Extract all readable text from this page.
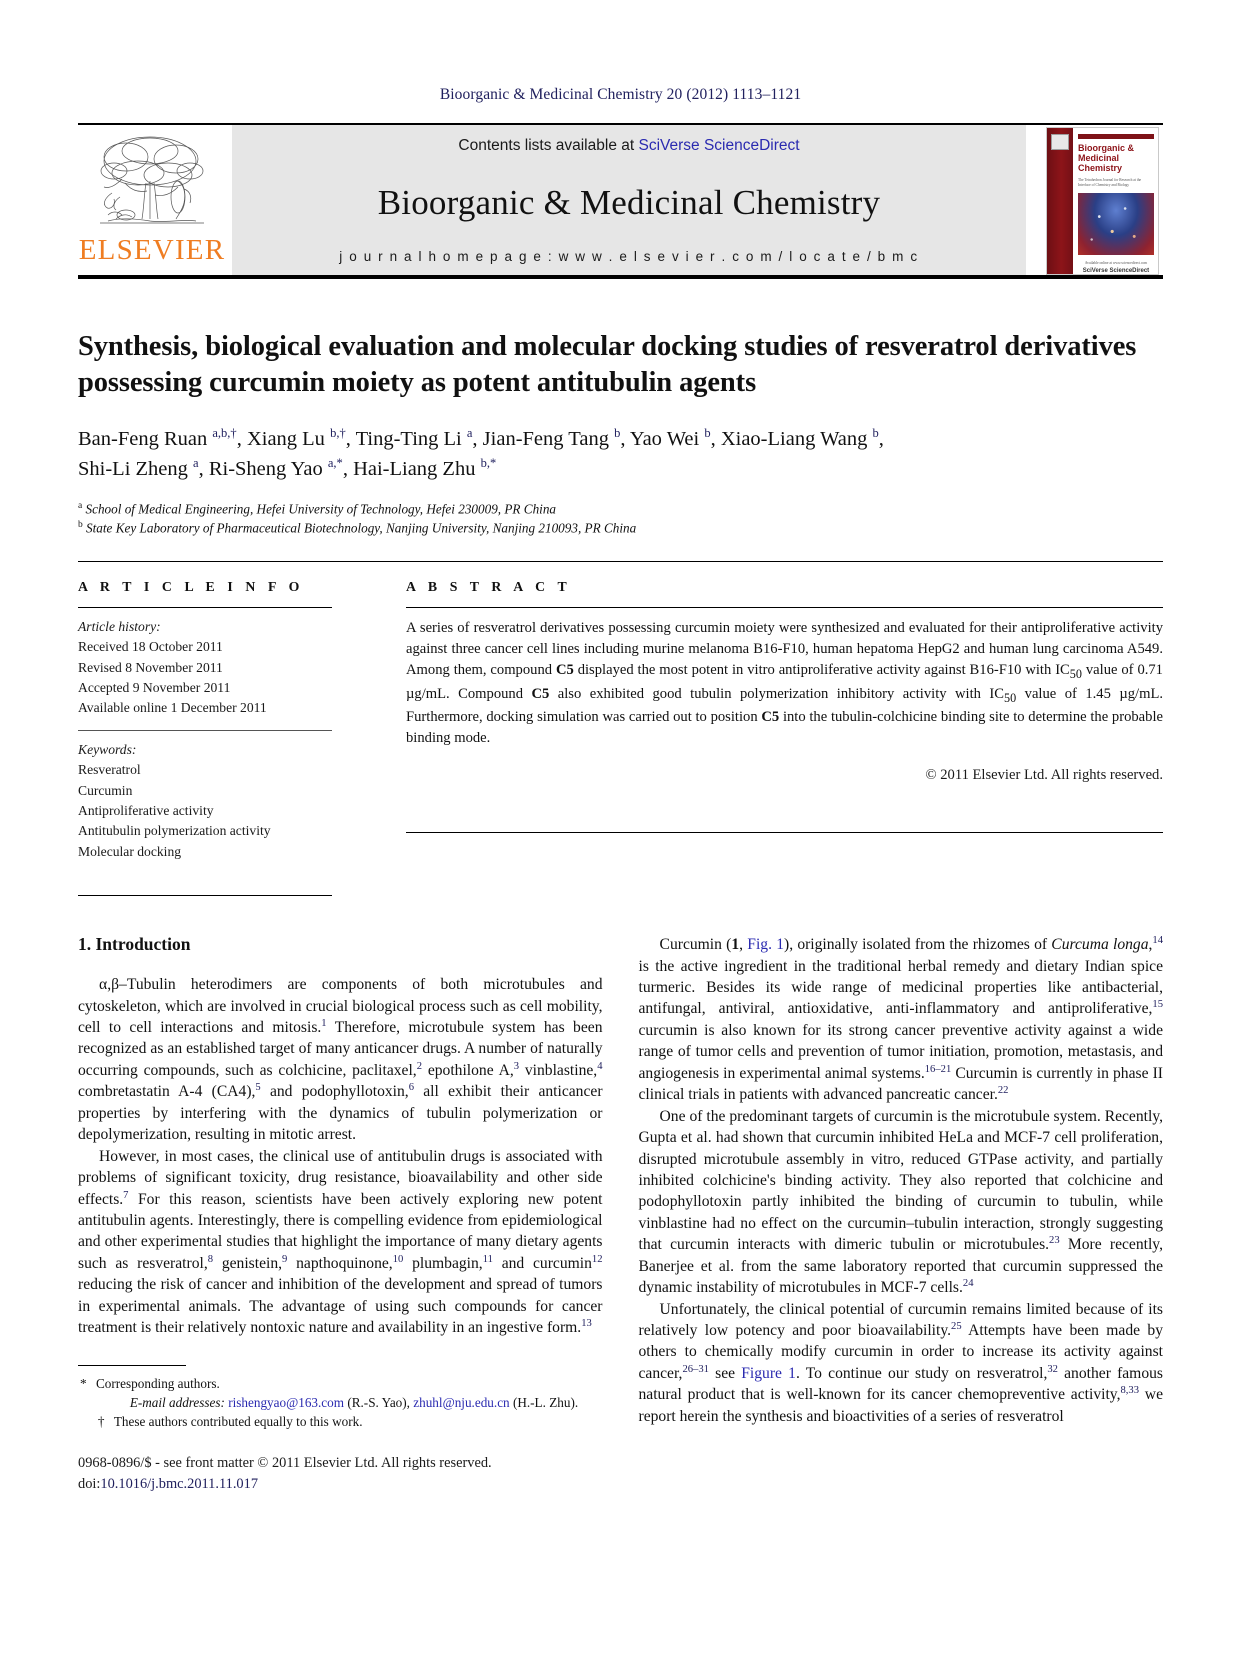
Bioorganic & Medicinal Chemistry 20 (2012) 1113–1121
ELSEVIER
Contents lists available at SciVerse ScienceDirect
Bioorganic & Medicinal Chemistry
j o u r n a l h o m e p a g e : w w w . e l s e v i e r . c o m / l o c a t e / b m c
Bioorganic & Medicinal Chemistry
The Tetrahedron Journal for Research at the Interface of Chemistry and Biology
Available online at www.sciencedirect.com
SciVerse ScienceDirect
Synthesis, biological evaluation and molecular docking studies of resveratrol derivatives possessing curcumin moiety as potent antitubulin agents
Ban-Feng Ruan $^{a,b,\dagger}$, Xiang Lu $^{b,\dagger}$, Ting-Ting Li $^a$, Jian-Feng Tang $^b$, Yao Wei $^b$, Xiao-Liang Wang $^b$,
Shi-Li Zheng $^a$, Ri-Sheng Yao $^{a,*}$, Hai-Liang Zhu $^{b,*}$
$^a$ School of Medical Engineering, Hefei University of Technology, Hefei 230009, PR China
$^b$ State Key Laboratory of Pharmaceutical Biotechnology, Nanjing University, Nanjing 210093, PR China
A R T I C L E I N F O
Article history:
Received 18 October 2011
Revised 8 November 2011
Accepted 9 November 2011
Available online 1 December 2011
Keywords:
Resveratrol
Curcumin
Antiproliferative activity
Antitubulin polymerization activity
Molecular docking
A B S T R A C T
A series of resveratrol derivatives possessing curcumin moiety were synthesized and evaluated for their antiproliferative activity against three cancer cell lines including murine melanoma B16-F10, human hepatoma HepG2 and human lung carcinoma A549. Among them, compound C5 displayed the most potent in vitro antiproliferative activity against B16-F10 with $IC_{50}$ value of 0.71 µg/mL. Compound C5 also exhibited good tubulin polymerization inhibitory activity with $IC_{50}$ value of 1.45 µg/mL. Furthermore, docking simulation was carried out to position C5 into the tubulin-colchicine binding site to determine the probable binding mode.
© 2011 Elsevier Ltd. All rights reserved.
1. Introduction

α,β–Tubulin heterodimers are components of both microtubules and cytoskeleton, which are involved in crucial biological process such as cell mobility, cell to cell interactions and mitosis.$^1$ Therefore, microtubule system has been recognized as an established target of many anticancer drugs. A number of naturally occurring compounds, such as colchicine, paclitaxel,$^2$ epothilone A,$^3$ vinblastine,$^4$ combretastatin A-4 (CA4),$^5$ and podophyllotoxin,$^6$ all exhibit their anticancer properties by interfering with the dynamics of tubulin polymerization or depolymerization, resulting in mitotic arrest.

However, in most cases, the clinical use of antitubulin drugs is associated with problems of significant toxicity, drug resistance, bioavailability and other side effects.$^7$ For this reason, scientists have been actively exploring new potent antitubulin agents. Interestingly, there is compelling evidence from epidemiological and other experimental studies that highlight the importance of many dietary agents such as resveratrol,$^8$ genistein,$^9$ napthoquinone,$^{10}$ plumbagin,$^{11}$ and curcumin$^{12}$ reducing the risk of cancer and inhibition of the development and spread of tumors in experimental animals. The advantage of using such compounds for cancer treatment is their relatively nontoxic nature and availability in an ingestive form.$^{13}$

* Corresponding authors.

E-mail addresses: rishengyao@163.com (R.-S. Yao), zhuhl@nju.edu.cn (H.-L. Zhu).

† These authors contributed equally to this work.

0968-0896/$ - see front matter © 2011 Elsevier Ltd. All rights reserved.
doi:10.1016/j.bmc.2011.11.017

Curcumin (1, Fig. 1), originally isolated from the rhizomes of Curcuma longa,$^{14}$ is the active ingredient in the traditional herbal remedy and dietary Indian spice turmeric. Besides its wide range of medicinal properties like antibacterial, antifungal, antiviral, antioxidative, anti-inflammatory and antiproliferative,$^{15}$ curcumin is also known for its strong cancer preventive activity against a wide range of tumor cells and prevention of tumor initiation, promotion, metastasis, and angiogenesis in experimental animal systems.$^{16-21}$ Curcumin is currently in phase II clinical trials in patients with advanced pancreatic cancer.$^{22}$

One of the predominant targets of curcumin is the microtubule system. Recently, Gupta et al. had shown that curcumin inhibited HeLa and MCF-7 cell proliferation, disrupted microtubule assembly in vitro, reduced GTPase activity, and partially inhibited colchicine's binding activity. They also reported that colchicine and podophyllotoxin partly inhibited the binding of curcumin to tubulin, while vinblastine had no effect on the curcumin–tubulin interaction, strongly suggesting that curcumin interacts with dimeric tubulin or microtubules.$^{23}$ More recently, Banerjee et al. from the same laboratory reported that curcumin suppressed the dynamic instability of microtubules in MCF-7 cells.$^{24}$

Unfortunately, the clinical potential of curcumin remains limited because of its relatively low potency and poor bioavailability.$^{25}$ Attempts have been made by others to chemically modify curcumin in order to increase its activity against cancer,$^{26-31}$ see Figure 1. To continue our study on resveratrol,$^{32}$ another famous natural product that is well-known for its cancer chemopreventive activity,$^{8,33}$ we report herein the synthesis and bioactivities of a series of resveratrol
